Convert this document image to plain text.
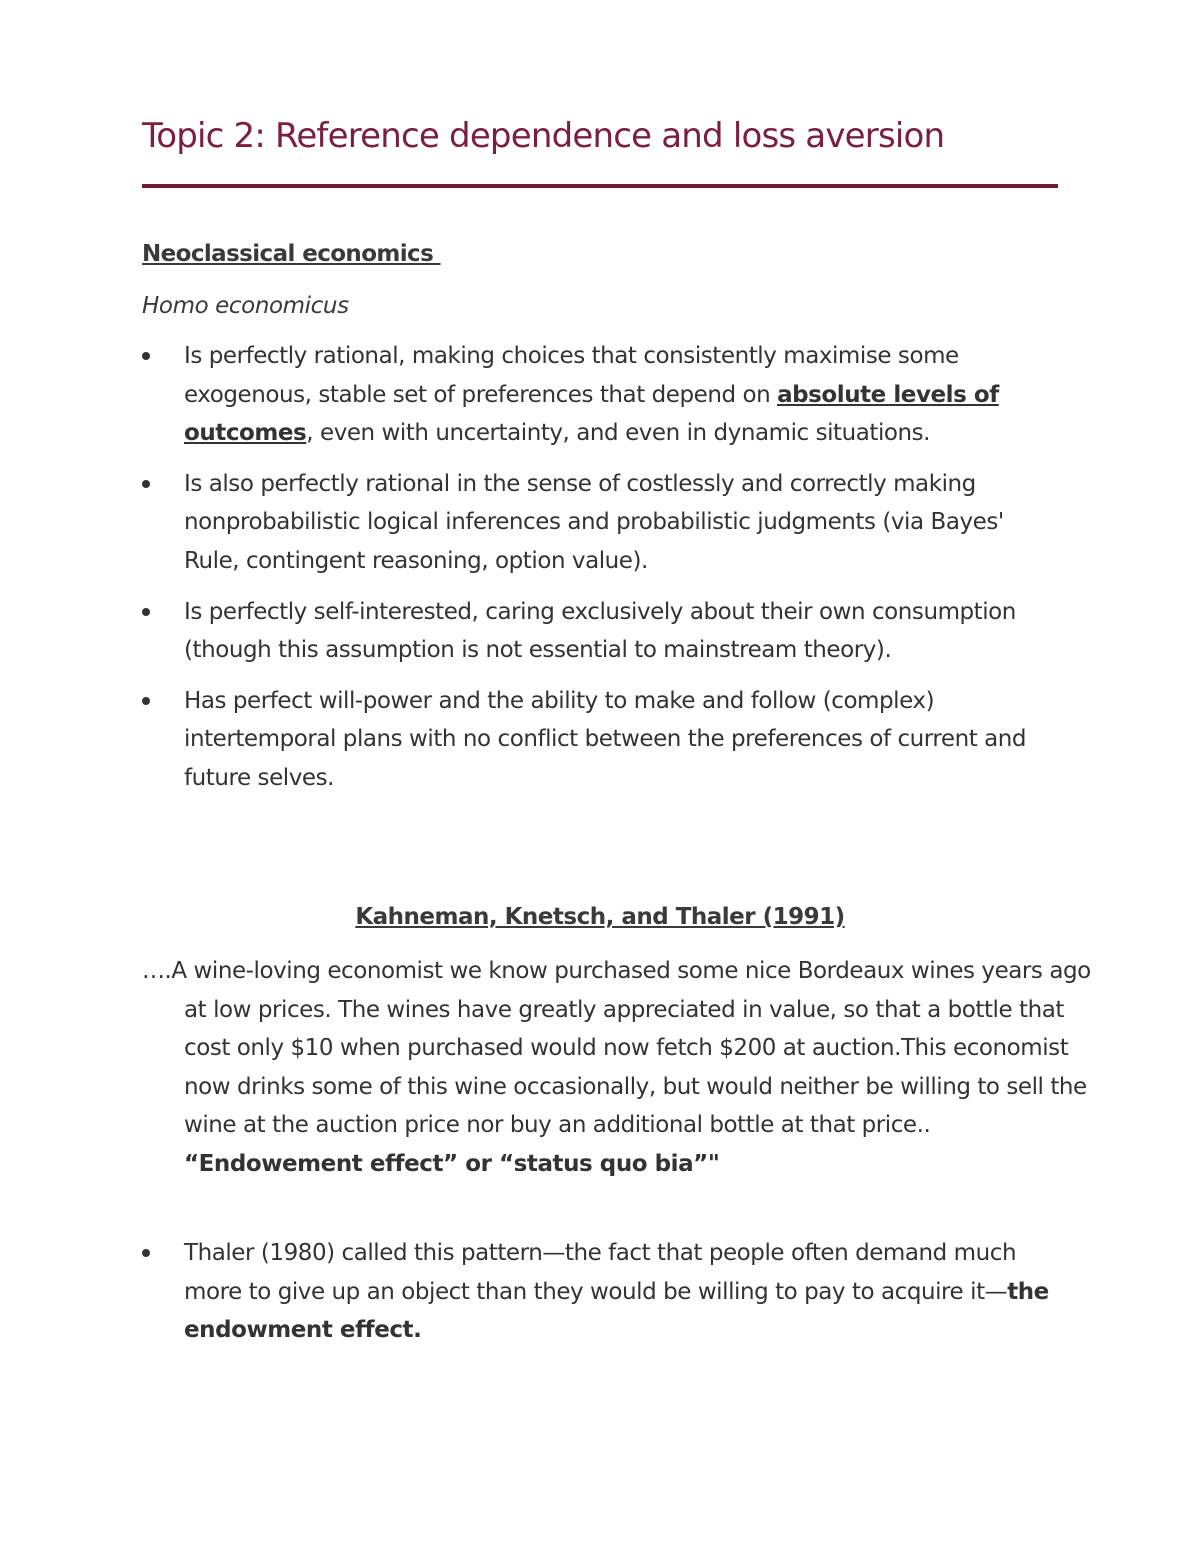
Topic 2: Reference dependence and loss aversion
Neoclassical economics

Homo economicus

Is perfectly rational, making choices that consistently maximise some exogenous, stable set of preferences that depend on absolute levels of outcomes, even with uncertainty, and even in dynamic situations.
Is also perfectly rational in the sense of costlessly and correctly making nonprobabilistic logical inferences and probabilistic judgments (via Bayes' Rule, contingent reasoning, option value).
Is perfectly self-interested, caring exclusively about their own consumption (though this assumption is not essential to mainstream theory).
Has perfect will-power and the ability to make and follow (complex) intertemporal plans with no conflict between the preferences of current and future selves.
Kahneman, Knetsch, and Thaler (1991)

….A wine-loving economist we know purchased some nice Bordeaux wines years ago at low prices. The wines have greatly appreciated in value, so that a bottle that cost only $10 when purchased would now fetch $200 at auction.This economist now drinks some of this wine occasionally, but would neither be willing to sell the wine at the auction price nor buy an additional bottle at that price.. “Endowement effect” or “status quo bia”"

Thaler (1980) called this pattern—the fact that people often demand much more to give up an object than they would be willing to pay to acquire it—the endowment effect.
